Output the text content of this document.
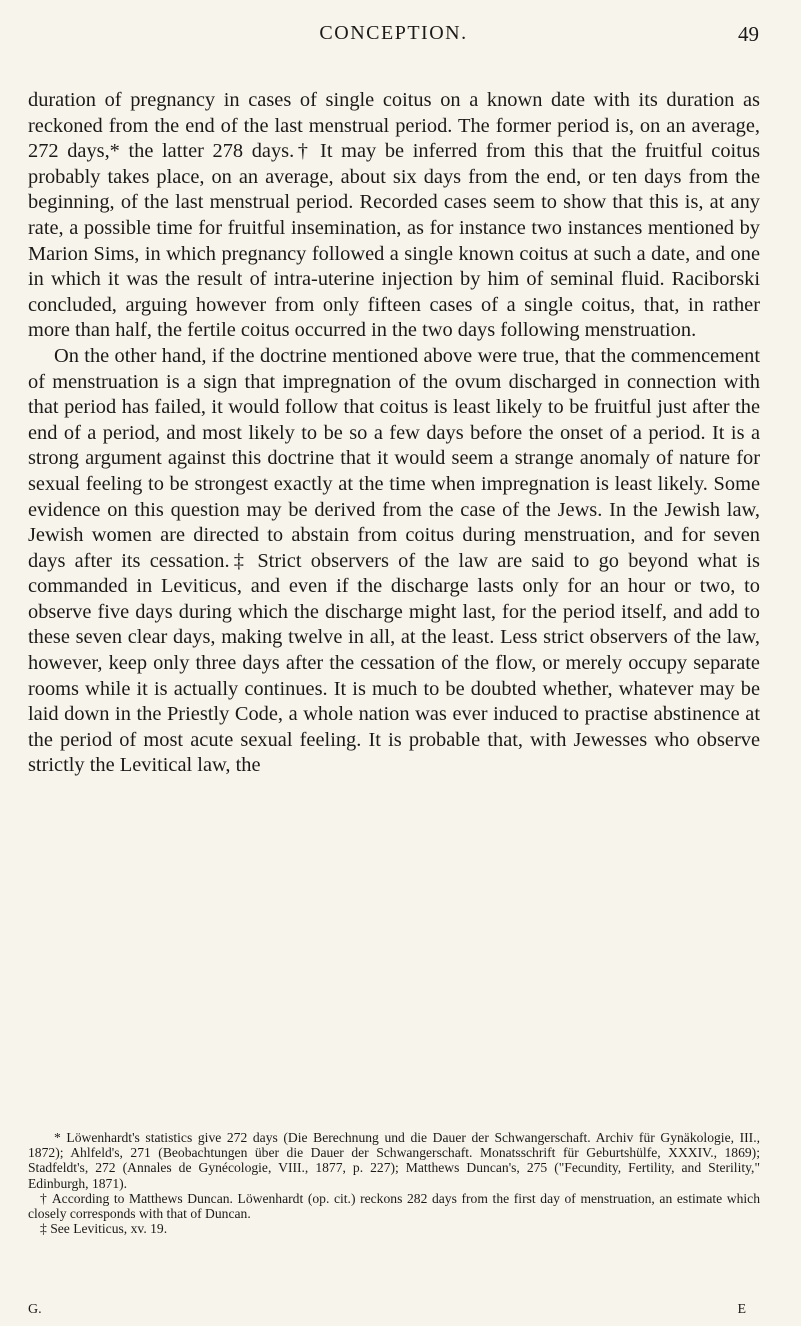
CONCEPTION.	49

duration of pregnancy in cases of single coitus on a known date with its duration as reckoned from the end of the last menstrual period. The former period is, on an average, 272 days,* the latter 278 days.† It may be inferred from this that the fruitful coitus probably takes place, on an average, about six days from the end, or ten days from the beginning, of the last menstrual period. Recorded cases seem to show that this is, at any rate, a possible time for fruitful insemination, as for instance two instances mentioned by Marion Sims, in which pregnancy followed a single known coitus at such a date, and one in which it was the result of intra-uterine injection by him of seminal fluid. Raciborski concluded, arguing however from only fifteen cases of a single coitus, that, in rather more than half, the fertile coitus occurred in the two days following menstruation.

On the other hand, if the doctrine mentioned above were true, that the commencement of menstruation is a sign that impregnation of the ovum discharged in connection with that period has failed, it would follow that coitus is least likely to be fruitful just after the end of a period, and most likely to be so a few days before the onset of a period. It is a strong argument against this doctrine that it would seem a strange anomaly of nature for sexual feeling to be strongest exactly at the time when impregnation is least likely. Some evidence on this question may be derived from the case of the Jews. In the Jewish law, Jewish women are directed to abstain from coitus during menstruation, and for seven days after its cessation.‡ Strict observers of the law are said to go beyond what is commanded in Leviticus, and even if the discharge lasts only for an hour or two, to observe five days during which the discharge might last, for the period itself, and add to these seven clear days, making twelve in all, at the least. Less strict observers of the law, however, keep only three days after the cessation of the flow, or merely occupy separate rooms while it is actually continues. It is much to be doubted whether, whatever may be laid down in the Priestly Code, a whole nation was ever induced to practise abstinence at the period of most acute sexual feeling. It is probable that, with Jewesses who observe strictly the Levitical law, the

* Löwenhardt's statistics give 272 days (Die Berechnung und die Dauer der Schwangerschaft. Archiv für Gynäkologie, III., 1872); Ahlfeld's, 271 (Beobachtungen über die Dauer der Schwangerschaft. Monatsschrift für Geburtshülfe, XXXIV., 1869); Stadfeldt's, 272 (Annales de Gynécologie, VIII., 1877, p. 227); Matthews Duncan's, 275 ("Fecundity, Fertility, and Sterility," Edinburgh, 1871).

† According to Matthews Duncan. Löwenhardt (op. cit.) reckons 282 days from the first day of menstruation, an estimate which closely corresponds with that of Duncan.

‡ See Leviticus, xv. 19.

G.	E
